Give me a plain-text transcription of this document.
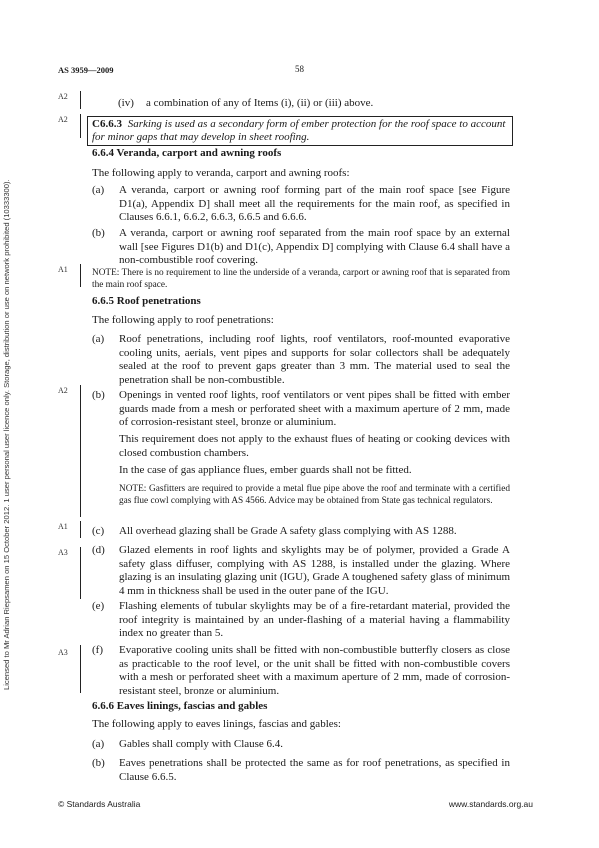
Licensed to Mr Adrian Riepsamen on 15 October 2012. 1 user personal user licence only. Storage, distribution or use on network prohibited (10333300).
AS 3959—2009	58
A2
A2
A1
A2
A1
A3
A3
(iv) a combination of any of Items (i), (ii) or (iii) above.
C6.6.3 Sarking is used as a secondary form of ember protection for the roof space to account for minor gaps that may develop in sheet roofing.
6.6.4 Veranda, carport and awning roofs
The following apply to veranda, carport and awning roofs:
(a) A veranda, carport or awning roof forming part of the main roof space [see Figure D1(a), Appendix D] shall meet all the requirements for the main roof, as specified in Clauses 6.6.1, 6.6.2, 6.6.3, 6.6.5 and 6.6.6.
(b) A veranda, carport or awning roof separated from the main roof space by an external wall [see Figures D1(b) and D1(c), Appendix D] complying with Clause 6.4 shall have a non-combustible roof covering.
NOTE: There is no requirement to line the underside of a veranda, carport or awning roof that is separated from the main roof space.
6.6.5 Roof penetrations
The following apply to roof penetrations:
(a) Roof penetrations, including roof lights, roof ventilators, roof-mounted evaporative cooling units, aerials, vent pipes and supports for solar collectors shall be adequately sealed at the roof to prevent gaps greater than 3 mm. The material used to seal the penetration shall be non-combustible.
(b) Openings in vented roof lights, roof ventilators or vent pipes shall be fitted with ember guards made from a mesh or perforated sheet with a maximum aperture of 2 mm, made of corrosion-resistant steel, bronze or aluminium.
This requirement does not apply to the exhaust flues of heating or cooking devices with closed combustion chambers.
In the case of gas appliance flues, ember guards shall not be fitted.
NOTE: Gasfitters are required to provide a metal flue pipe above the roof and terminate with a certified gas flue cowl complying with AS 4566. Advice may be obtained from State gas technical regulators.
(c) All overhead glazing shall be Grade A safety glass complying with AS 1288.
(d) Glazed elements in roof lights and skylights may be of polymer, provided a Grade A safety glass diffuser, complying with AS 1288, is installed under the glazing. Where glazing is an insulating glazing unit (IGU), Grade A toughened safety glass of minimum 4 mm in thickness shall be used in the outer pane of the IGU.
(e) Flashing elements of tubular skylights may be of a fire-retardant material, provided the roof integrity is maintained by an under-flashing of a material having a flammability index no greater than 5.
(f) Evaporative cooling units shall be fitted with non-combustible butterfly closers as close as practicable to the roof level, or the unit shall be fitted with non-combustible covers with a mesh or perforated sheet with a maximum aperture of 2 mm, made of corrosion-resistant steel, bronze or aluminium.
6.6.6 Eaves linings, fascias and gables
The following apply to eaves linings, fascias and gables:
(a) Gables shall comply with Clause 6.4.
(b) Eaves penetrations shall be protected the same as for roof penetrations, as specified in Clause 6.6.5.
© Standards Australia	www.standards.org.au
